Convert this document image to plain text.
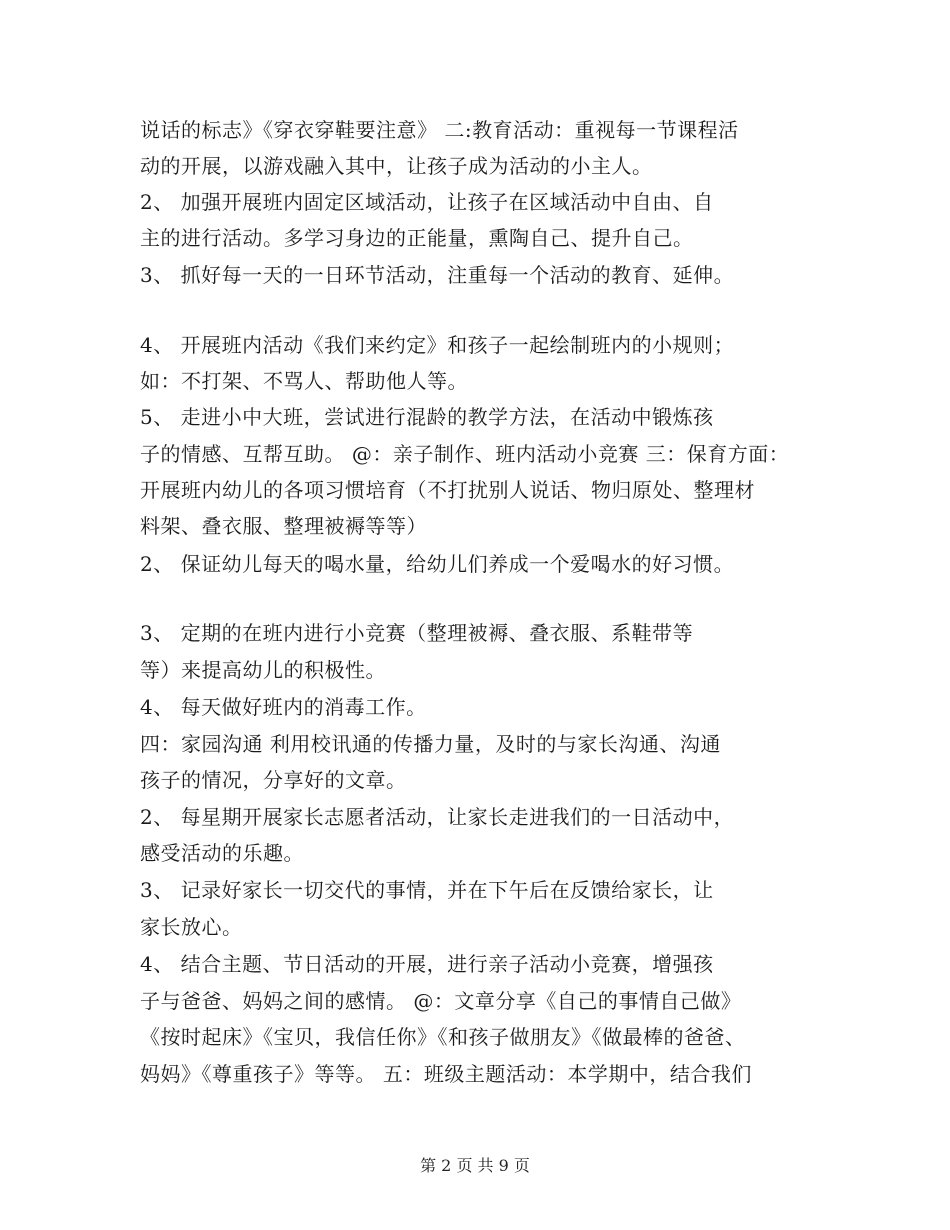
说话的标志》《穿衣穿鞋要注意》 二:教育活动：重视每一节课程活
动的开展，以游戏融入其中，让孩子成为活动的小主人。
2、 加强开展班内固定区域活动，让孩子在区域活动中自由、自
主的进行活动。多学习身边的正能量，熏陶自己、提升自己。
3、 抓好每一天的一日环节活动，注重每一个活动的教育、延伸。
4、 开展班内活动《我们来约定》和孩子一起绘制班内的小规则；
如：不打架、不骂人、帮助他人等。
5、 走进小中大班，尝试进行混龄的教学方法，在活动中锻炼孩
子的情感、互帮互助。 @：亲子制作、班内活动小竞赛 三：保育方面：
开展班内幼儿的各项习惯培育（不打扰别人说话、物归原处、整理材
料架、叠衣服、整理被褥等等）
2、 保证幼儿每天的喝水量，给幼儿们养成一个爱喝水的好习惯。
3、 定期的在班内进行小竞赛（整理被褥、叠衣服、系鞋带等
等）来提高幼儿的积极性。
4、 每天做好班内的消毒工作。
四：家园沟通 利用校讯通的传播力量，及时的与家长沟通、沟通
孩子的情况，分享好的文章。
2、 每星期开展家长志愿者活动，让家长走进我们的一日活动中，
感受活动的乐趣。
3、 记录好家长一切交代的事情，并在下午后在反馈给家长，让
家长放心。
4、 结合主题、节日活动的开展，进行亲子活动小竞赛，增强孩
子与爸爸、妈妈之间的感情。 @：文章分享《自己的事情自己做》
《按时起床》《宝贝，我信任你》《和孩子做朋友》《做最棒的爸爸、
妈妈》《尊重孩子》等等。 五：班级主题活动：本学期中，结合我们
第 2 页 共 9 页
